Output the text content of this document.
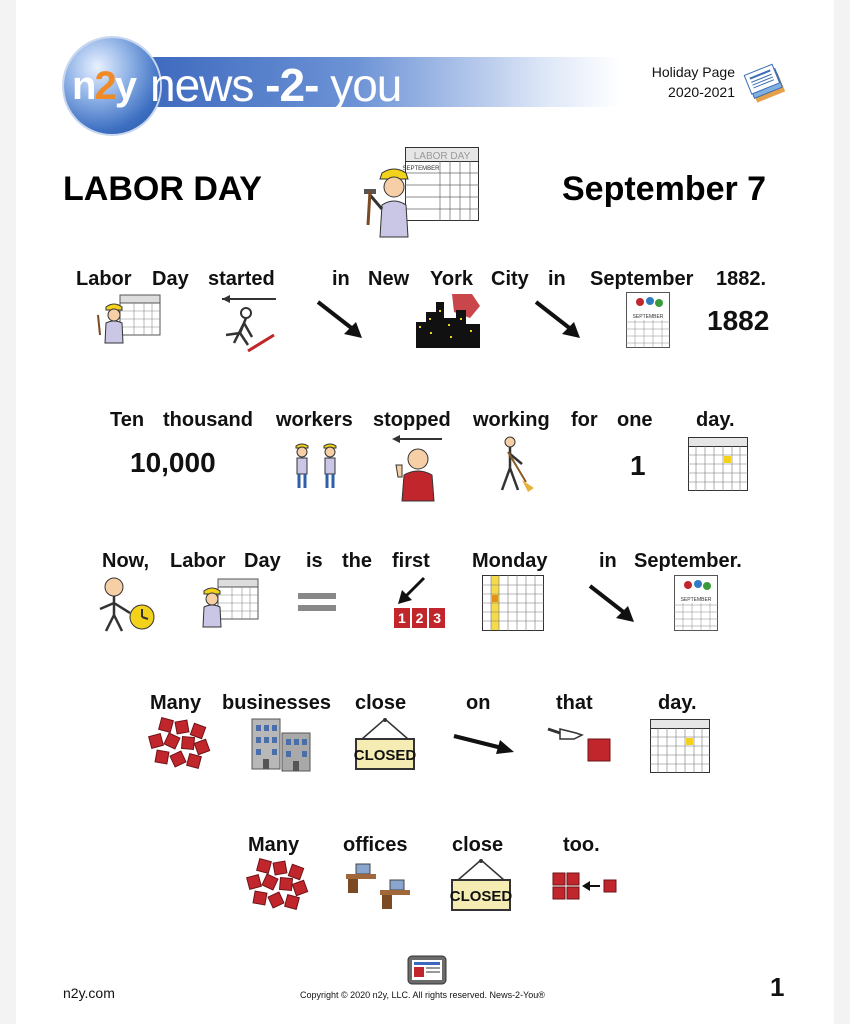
n2y news -2- you	Holiday Page
2020-2021
LABOR DAY	September 7
LABOR DAY
SEPTEMBER
Labor Day started	in New York City in September 1882.
SEPTEMBER 1882
Ten thousand workers stopped working for one day.
10,000	1
Now, Labor Day is the first Monday	in September.
1 2 3
SEPTEMBER
Many businesses close	on	that	day.
CLOSED
Many offices close	too.
CLOSED
n2y.com	Copyright © 2020 n2y, LLC. All rights reserved. News-2-You®	1
